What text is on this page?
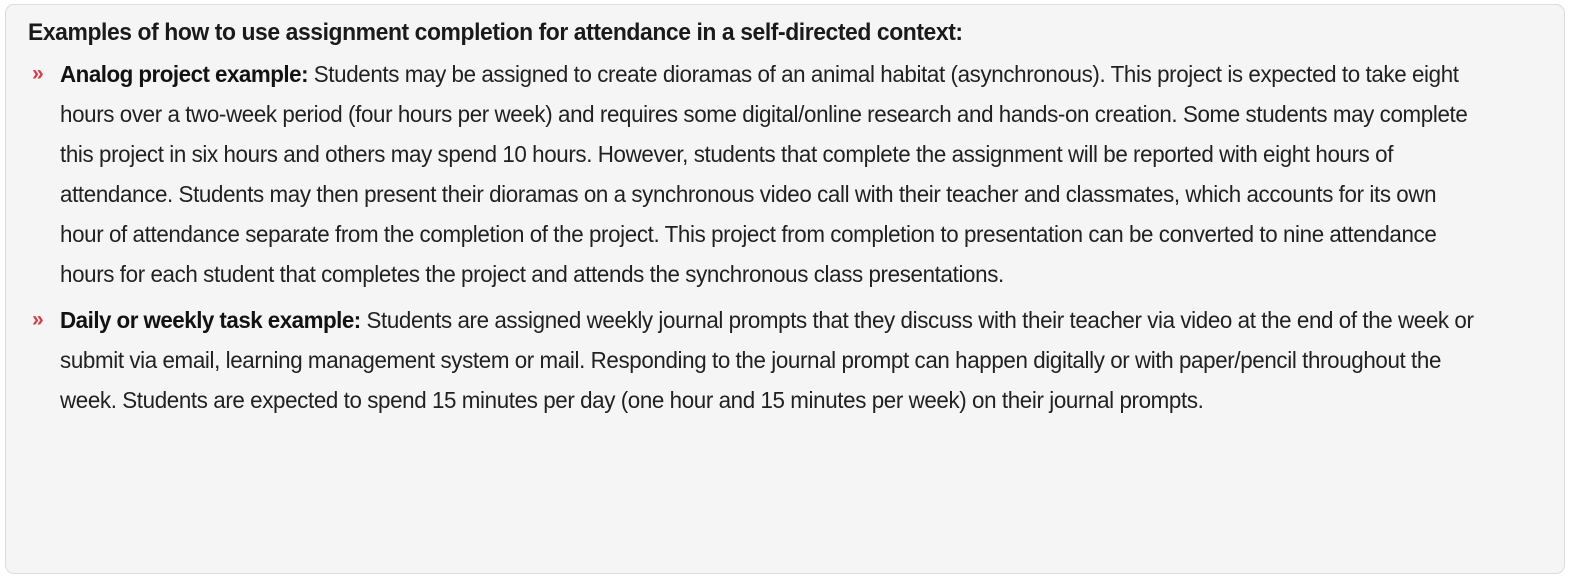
Examples of how to use assignment completion for attendance in a self-directed context:
» Analog project example: Students may be assigned to create dioramas of an animal habitat (asynchronous). This project is expected to take eight hours over a two-week period (four hours per week) and requires some digital/online research and hands-on creation. Some students may complete this project in six hours and others may spend 10 hours. However, students that complete the assignment will be reported with eight hours of attendance. Students may then present their dioramas on a synchronous video call with their teacher and classmates, which accounts for its own hour of attendance separate from the completion of the project. This project from completion to presentation can be converted to nine attendance hours for each student that completes the project and attends the synchronous class presentations.
» Daily or weekly task example: Students are assigned weekly journal prompts that they discuss with their teacher via video at the end of the week or submit via email, learning management system or mail. Responding to the journal prompt can happen digitally or with paper/pencil throughout the week. Students are expected to spend 15 minutes per day (one hour and 15 minutes per week) on their journal prompts.
